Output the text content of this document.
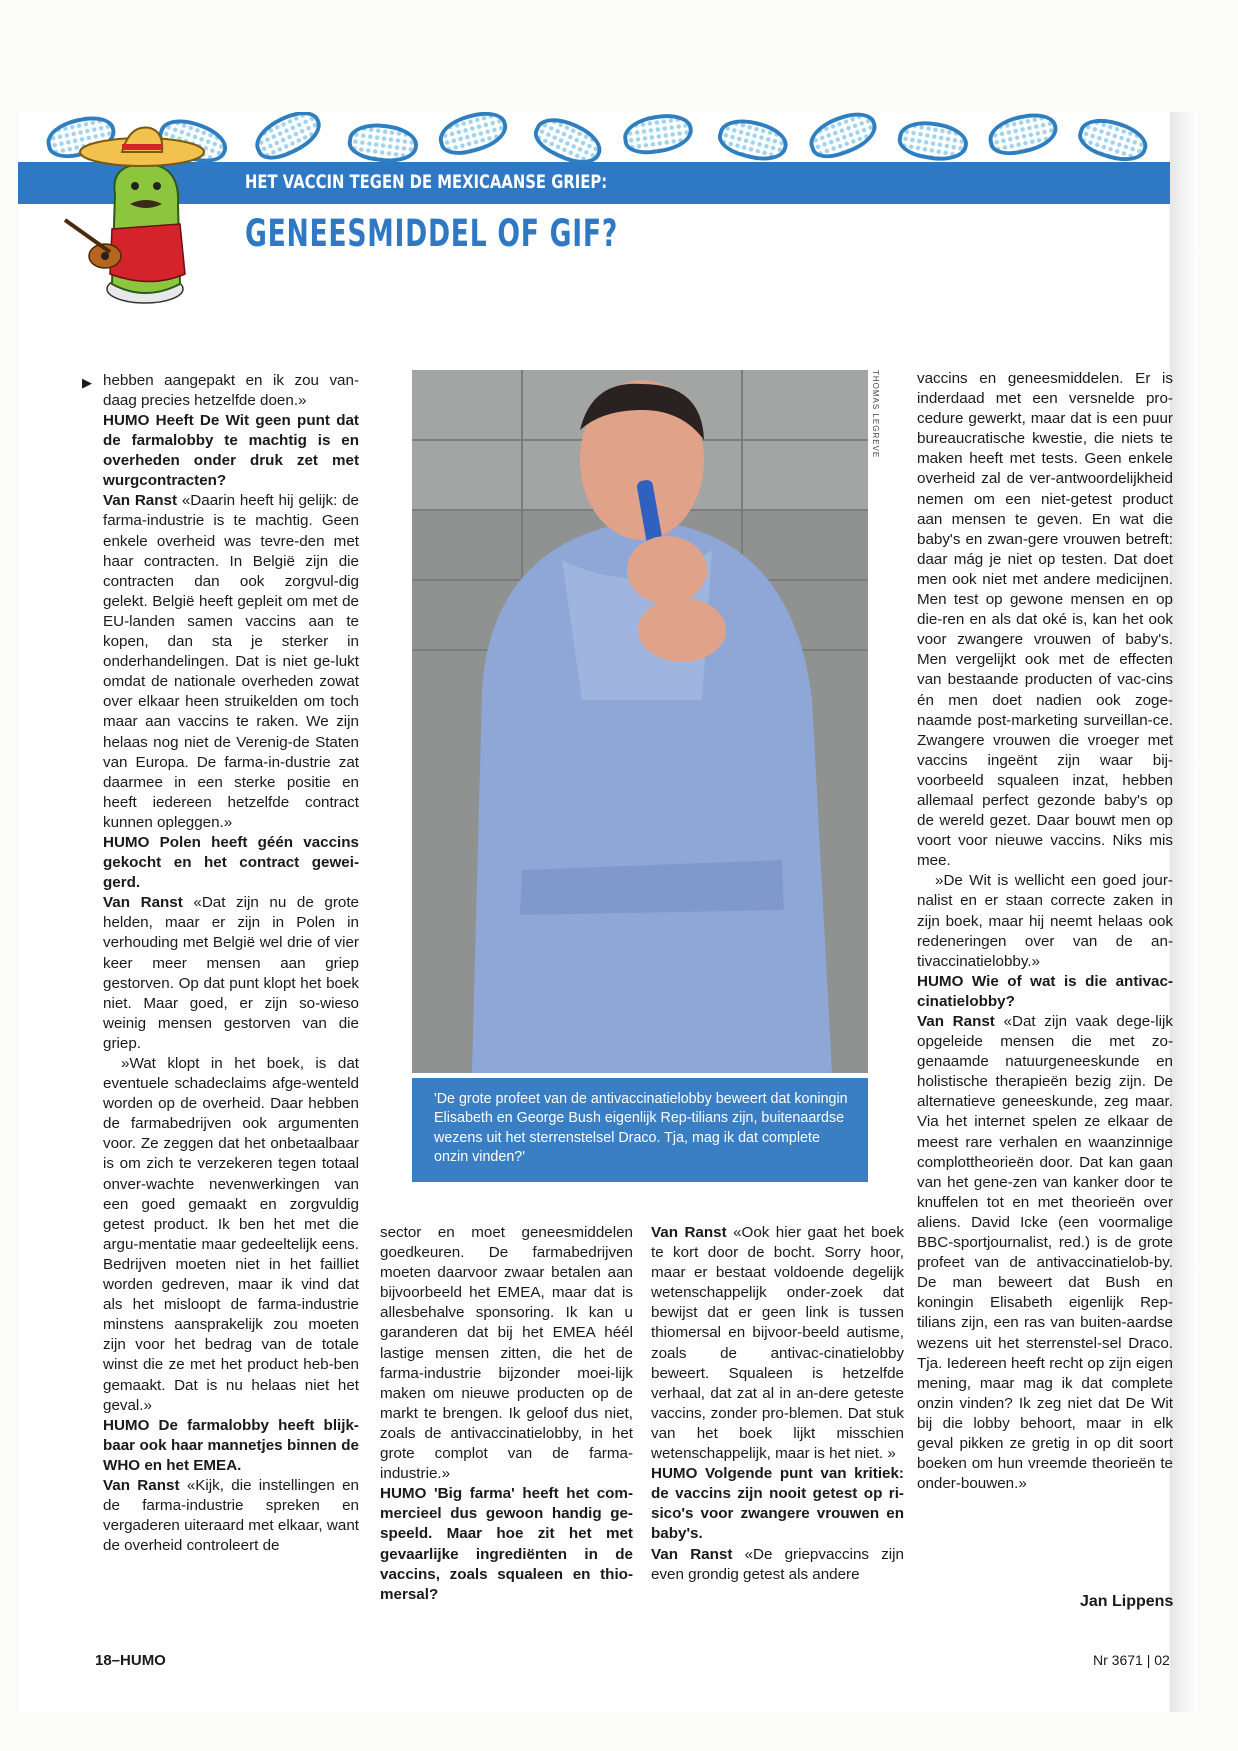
HET VACCIN TEGEN DE MEXICAANSE GRIEP:
GENEESMIDDEL OF GIF?
▶ hebben aangepakt en ik zou van-daag precies hetzelfde doen.»

HUMO Heeft De Wit geen punt dat de farmalobby te machtig is en overheden onder druk zet met wurgcontracten?

Van Ranst «Daarin heeft hij gelijk: de farma-industrie is te machtig. Geen enkele overheid was tevre-den met haar contracten. In België zijn die contracten dan ook zorgvul-dig gelekt. België heeft gepleit om met de EU-landen samen vaccins aan te kopen, dan sta je sterker in onderhandelingen. Dat is niet ge-lukt omdat de nationale overheden zowat over elkaar heen struikelden om toch maar aan vaccins te raken. We zijn helaas nog niet de Verenig-de Staten van Europa. De farma-in-dustrie zat daarmee in een sterke positie en heeft iedereen hetzelfde contract kunnen opleggen.»

HUMO Polen heeft géén vaccins gekocht en het contract gewei-gerd.

Van Ranst «Dat zijn nu de grote helden, maar er zijn in Polen in verhouding met België wel drie of vier keer meer mensen aan griep gestorven. Op dat punt klopt het boek niet. Maar goed, er zijn so-wieso weinig mensen gestorven van die griep.

»Wat klopt in het boek, is dat eventuele schadeclaims afge-wenteld worden op de overheid. Daar hebben de farmabedrijven ook argumenten voor. Ze zeggen dat het onbetaalbaar is om zich te verzekeren tegen totaal onver-wachte nevenwerkingen van een goed gemaakt en zorgvuldig getest product. Ik ben het met die argu-mentatie maar gedeeltelijk eens. Bedrijven moeten niet in het failliet worden gedreven, maar ik vind dat als het misloopt de farma-industrie minstens aansprakelijk zou moeten zijn voor het bedrag van de totale winst die ze met het product heb-ben gemaakt. Dat is nu helaas niet het geval.»

HUMO De farmalobby heeft blijk-baar ook haar mannetjes binnen de WHO en het EMEA.

Van Ranst «Kijk, die instellingen en de farma-industrie spreken en vergaderen uiteraard met elkaar, want de overheid controleert de

THOMAS LEGREVE
'De grote profeet van de antivaccinatielobby beweert dat koningin Elisabeth en George Bush eigenlijk Rep-tilians zijn, buitenaardse wezens uit het sterrenstelsel Draco. Tja, mag ik dat complete onzin vinden?'

sector en moet geneesmiddelen goedkeuren. De farmabedrijven moeten daarvoor zwaar betalen aan bijvoorbeeld het EMEA, maar dat is allesbehalve sponsoring. Ik kan u garanderen dat bij het EMEA héél lastige mensen zitten, die het de farma-industrie bijzonder moei-lijk maken om nieuwe producten op de markt te brengen. Ik geloof dus niet, zoals de antivaccinatielobby, in het grote complot van de farma-industrie.»

HUMO 'Big farma' heeft het com-mercieel dus gewoon handig ge-speeld. Maar hoe zit het met gevaarlijke ingrediënten in de vaccins, zoals squaleen en thio-mersal?

Van Ranst «Ook hier gaat het boek te kort door de bocht. Sorry hoor, maar er bestaat voldoende degelijk wetenschappelijk onder-zoek dat bewijst dat er geen link is tussen thiomersal en bijvoor-beeld autisme, zoals de antivac-cinatielobby beweert. Squaleen is hetzelfde verhaal, dat zat al in an-dere geteste vaccins, zonder pro-blemen. Dat stuk van het boek lijkt misschien wetenschappelijk, maar is het niet. »

HUMO Volgende punt van kritiek: de vaccins zijn nooit getest op ri-sico's voor zwangere vrouwen en baby's.

Van Ranst «De griepvaccins zijn even grondig getest als andere

vaccins en geneesmiddelen. Er is inderdaad met een versnelde pro-cedure gewerkt, maar dat is een puur bureaucratische kwestie, die niets te maken heeft met tests. Geen enkele overheid zal de ver-antwoordelijkheid nemen om een niet-getest product aan mensen te geven. En wat die baby's en zwan-gere vrouwen betreft: daar mág je niet op testen. Dat doet men ook niet met andere medicijnen. Men test op gewone mensen en op die-ren en als dat oké is, kan het ook voor zwangere vrouwen of baby's. Men vergelijkt ook met de effecten van bestaande producten of vac-cins én men doet nadien ook zoge-naamde post-marketing surveillan-ce. Zwangere vrouwen die vroeger met vaccins ingeënt zijn waar bij-voorbeeld squaleen inzat, hebben allemaal perfect gezonde baby's op de wereld gezet. Daar bouwt men op voort voor nieuwe vaccins. Niks mis mee.

»De Wit is wellicht een goed jour-nalist en er staan correcte zaken in zijn boek, maar hij neemt helaas ook redeneringen over van de an-tivaccinatielobby.»

HUMO Wie of wat is die antivac-cinatielobby?

Van Ranst «Dat zijn vaak dege-lijk opgeleide mensen die met zo-genaamde natuurgeneeskunde en holistische therapieën bezig zijn. De alternatieve geneeskunde, zeg maar. Via het internet spelen ze elkaar de meest rare verhalen en waanzinnige complottheorieën door. Dat kan gaan van het gene-zen van kanker door te knuffelen tot en met theorieën over aliens. David Icke (een voormalige BBC-sportjournalist, red.) is de grote profeet van de antivaccinatielob-by. De man beweert dat Bush en koningin Elisabeth eigenlijk Rep-tilians zijn, een ras van buiten-aardse wezens uit het sterrenstel-sel Draco. Tja. Iedereen heeft recht op zijn eigen mening, maar mag ik dat complete onzin vinden? Ik zeg niet dat De Wit bij die lobby behoort, maar in elk geval pikken ze gretig in op dit soort boeken om hun vreemde theorieën te onder-bouwen.»

Jan Lippens
18–HUMO	Nr 3671 | 02
